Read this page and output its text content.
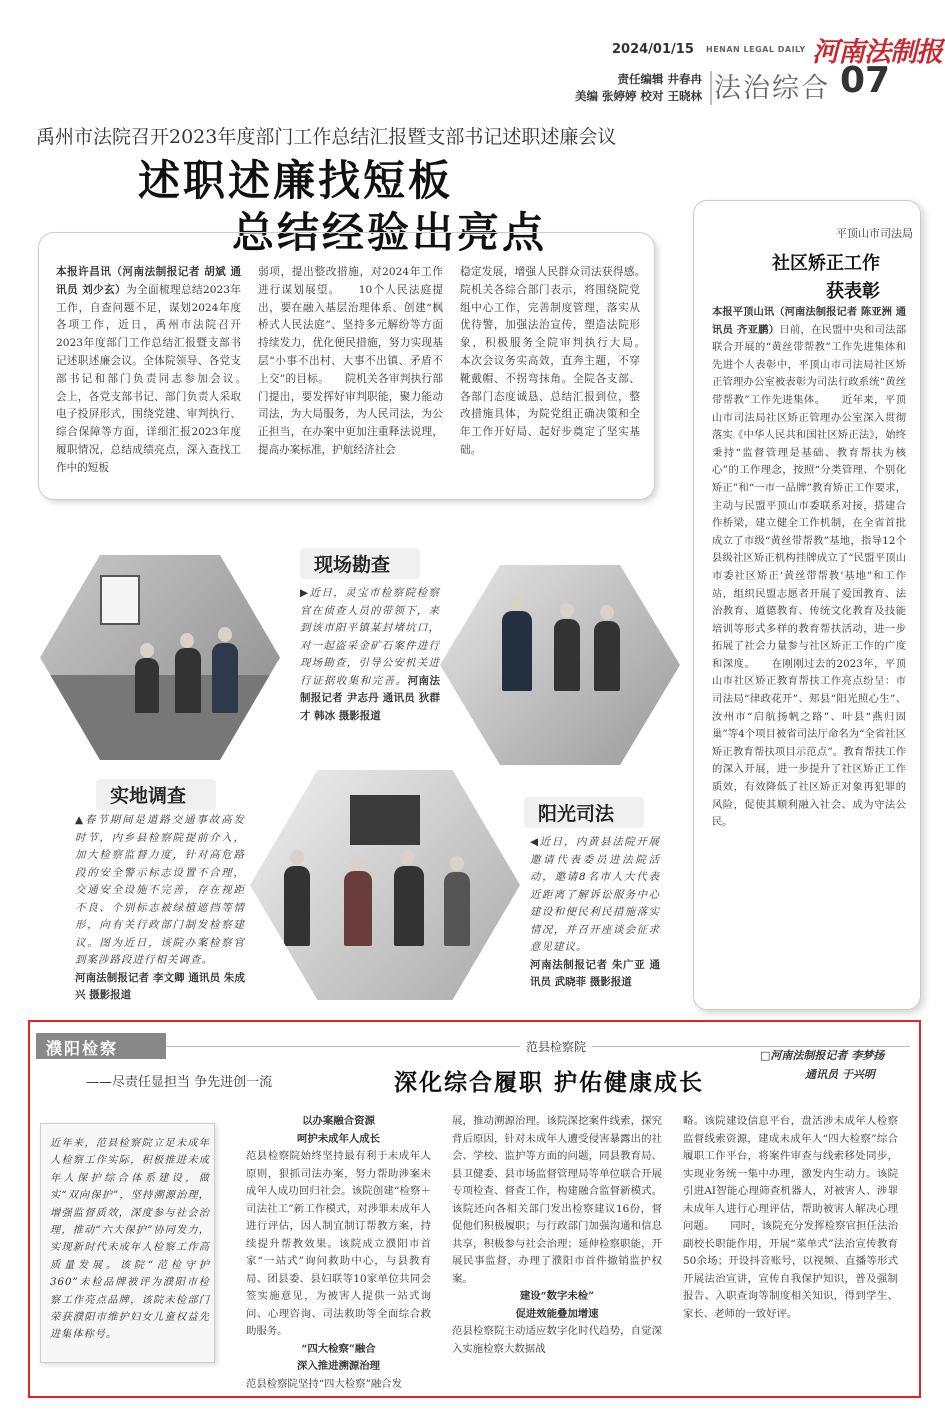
2024/01/15 HENAN LEGAL DAILY 河南法制报
责任编辑 井春冉
美编 张婷婷 校对 王晓林 法治综合 07
禹州市法院召开2023年度部门工作总结汇报暨支部书记述职述廉会议
述职述廉找短板
总结经验出亮点
本报许昌讯（河南法制报记者 胡斌 通讯员 刘少玄）为全面梳理总结2023年工作，自查问题不足，谋划2024年度各项工作，近日，禹州市法院召开2023年度部门工作总结汇报暨支部书记述职述廉会议。全体院领导、各党支部书记和部门负责同志参加会议。　　会上，各党支部书记、部门负责人采取电子投屏形式，围绕党建、审判执行、综合保障等方面，详细汇报2023年度履职情况，总结成绩亮点，深入查找工作中的短板
弱项，提出整改措施，对2024年工作进行谋划展望。　　10个人民法庭提出，要在融入基层治理体系、创建“枫桥式人民法庭”、坚持多元解纷等方面持续发力，优化便民措施，努力实现基层“小事不出村、大事不出镇、矛盾不上交”的目标。　　院机关各审判执行部门提出，要发挥好审判职能，聚力能动司法，为大局服务，为人民司法，为公正担当，在办案中更加注重释法说理，提高办案标准，护航经济社会
稳定发展，增强人民群众司法获得感。　　院机关各综合部门表示，将围绕院党组中心工作，完善制度管理，落实从优待警，加强法治宣传，塑造法院形象，积极服务全院审判执行大局。　　本次会议务实高效，直奔主题，不穿靴戴帽、不拐弯抹角。全院各支部、各部门态度诚恳、总结汇报到位，整改措施具体，为院党组正确决策和全年工作开好局、起好步奠定了坚实基础。
平顶山市司法局
社区矫正工作
获表彰
本报平顶山讯（河南法制报记者 陈亚洲 通讯员 齐亚鹏）日前，在民盟中央和司法部联合开展的“黄丝带帮教”工作先进集体和先进个人表彰中，平顶山市司法局社区矫正管理办公室被表彰为司法行政系统“黄丝带帮教”工作先进集体。　　近年来，平顶山市司法局社区矫正管理办公室深入贯彻落实《中华人民共和国社区矫正法》，始终秉持“监督管理是基础、教育帮扶为核心”的工作理念，按照“分类管理、个别化矫正”和“一市一品牌”教育矫正工作要求，主动与民盟平顶山市委联系对接，搭建合作桥梁，建立健全工作机制，在全省首批成立了市级“黄丝带帮教”基地，指导12个县级社区矫正机构挂牌成立了“民盟平顶山市委社区矫正‘黄丝带帮教’基地”和工作站，组织民盟志愿者开展了爱国教育、法治教育、道德教育、传统文化教育及技能培训等形式多样的教育帮扶活动，进一步拓展了社会力量参与社区矫正工作的广度和深度。　　在刚刚过去的2023年，平顶山市社区矫正教育帮扶工作亮点纷呈：市司法局“律政花开”、郏县“阳光照心生”、汝州市“启航扬帆之路”、叶县“燕归固巢”等4个项目被省司法厅命名为“全省社区矫正教育帮扶项目示范点”。教育帮扶工作的深入开展，进一步提升了社区矫正工作质效，有效降低了社区矫正对象再犯罪的风险，促使其顺利融入社会、成为守法公民。
现场勘查
▶近日，灵宝市检察院检察官在侦查人员的带领下，来到该市阳平镇某封堵坑口，对一起盗采金矿石案件进行现场勘查，引导公安机关进行证据收集和完善。河南法制报记者 尹志丹 通讯员 狄群才 韩冰 摄影报道
实地调查
▲春节期间是道路交通事故高发时节，内乡县检察院提前介入，加大检察监督力度，针对高危路段的安全警示标志设置不合理，交通安全设施不完善，存在视距不良、个别标志被绿植遮挡等情形，向有关行政部门制发检察建议。图为近日，该院办案检察官到案涉路段进行相关调查。
河南法制报记者 李文卿 通讯员 朱成兴 摄影报道
阳光司法
◀近日，内黄县法院开展邀请代表委员进法院活动，邀请8名市人大代表近距离了解诉讼服务中心建设和便民利民措施落实情况，并召开座谈会征求意见建议。
河南法制报记者 朱广亚 通讯员 武晓菲 摄影报道
濮阳检察
——尽责任显担当 争先进创一流
范县检察院
深化综合履职 护佑健康成长
□河南法制报记者 李梦扬
通讯员 于兴明
近年来，范县检察院立足未成年人检察工作实际，积极推进未成年人保护综合体系建设，做实“双向保护”，坚持溯源治理，增强监督质效，深度参与社会治理，推动“六大保护”协同发力，实现新时代未成年人检察工作高质量发展。该院“范检守护360”未检品牌被评为濮阳市检察工作亮点品牌，该院未检部门荣获濮阳市维护妇女儿童权益先进集体称号。
以办案融合资源
呵护未成年人成长
范县检察院始终坚持最有利于未成年人原则，狠抓司法办案，努力帮助涉案未成年人成功回归社会。该院创建“检察＋司法社工”新工作模式，对涉罪未成年人进行评估，因人制宜制订帮教方案，持续提升帮教效果。该院成立濮阳市首家“一站式”询问救助中心，与县教育局、团县委、县妇联等10家单位共同会签实施意见，为被害人提供一站式询问、心理咨询、司法救助等全面综合救助服务。
“四大检察”融合
深入推进溯源治理
范县检察院坚持“四大检察”融合发
展，推动溯源治理。该院深挖案件线索，探究背后原因，针对未成年人遭受侵害暴露出的社会、学校、监护等方面的问题，同县教育局、县卫健委、县市场监督管理局等单位联合开展专项检查、督查工作，构建融合监督新模式。该院还向各相关部门发出检察建议16份，督促他们积极履职；与行政部门加强沟通和信息共享，积极参与社会治理；延伸检察职能，开展民事监督，办理了濮阳市首件撤销监护权案。
建设“数字未检”
促进效能叠加增速
范县检察院主动适应数字化时代趋势，自觉深入实施检察大数据战
略。该院建设信息平台，盘活涉未成年人检察监督线索资源，建成未成年人“四大检察”综合履职工作平台，将案件审查与线索移处同步，实现业务统一集中办理，激发内生动力。该院引进AI智能心理筛查机器人，对被害人、涉罪未成年人进行心理评估，帮助被害人解决心理问题。　　同时，该院充分发挥检察官担任法治副校长职能作用，开展“菜单式”法治宣传教育50余场；开设抖音账号，以视频、直播等形式开展法治宣讲，宣传自我保护知识，普及强制报告、入职查询等制度相关知识，得到学生、家长、老师的一致好评。
